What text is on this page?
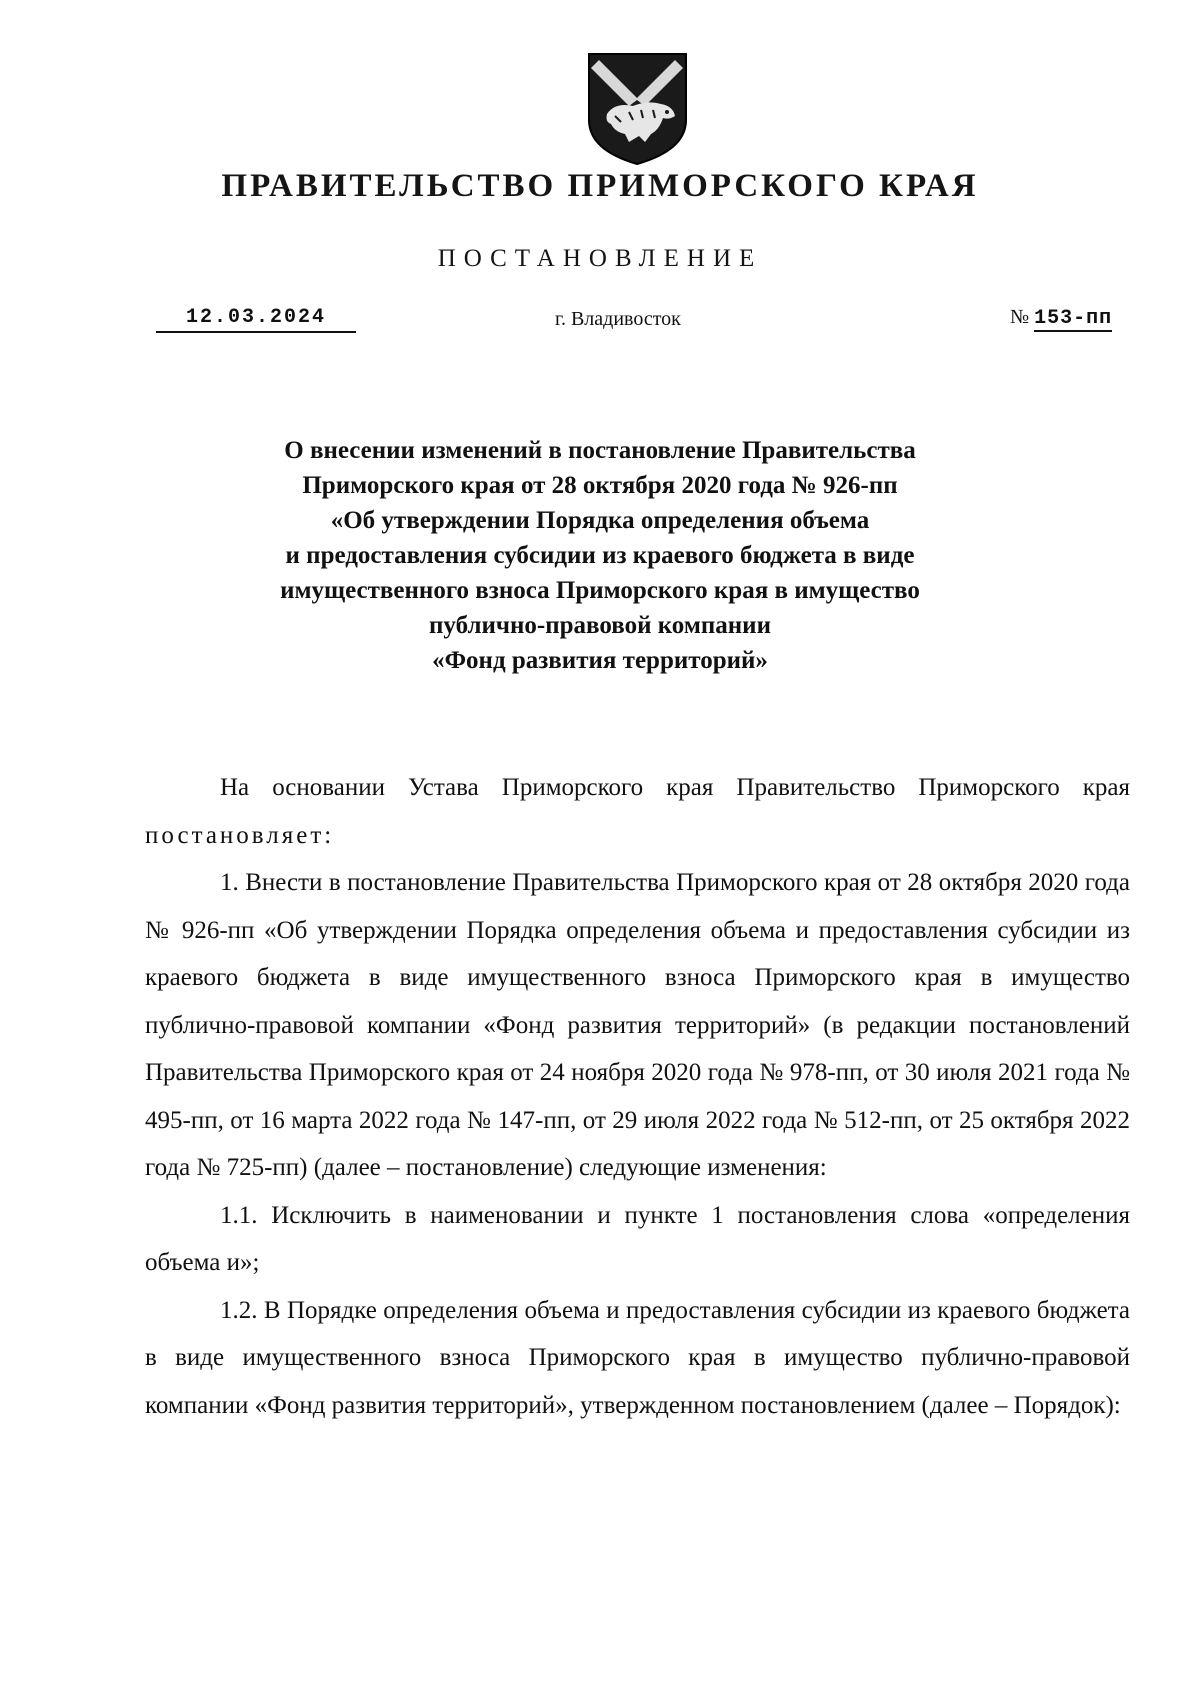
ПРАВИТЕЛЬСТВО ПРИМОРСКОГО КРАЯ
ПОСТАНОВЛЕНИЕ
12.03.2024	г. Владивосток	№ 153-пп
О внесении изменений в постановление Правительства
Приморского края от 28 октября 2020 года № 926-пп
«Об утверждении Порядка определения объема
и предоставления субсидии из краевого бюджета в виде
имущественного взноса Приморского края в имущество
публично-правовой компании
«Фонд развития территорий»

На основании Устава Приморского края Правительство Приморского края постановляет:

1. Внести в постановление Правительства Приморского края от 28 октября 2020 года № 926-пп «Об утверждении Порядка определения объема и предоставления субсидии из краевого бюджета в виде имущественного взноса Приморского края в имущество публично-правовой компании «Фонд развития территорий» (в редакции постановлений Правительства Приморского края от 24 ноября 2020 года № 978-пп, от 30 июля 2021 года № 495-пп, от 16 марта 2022 года № 147-пп, от 29 июля 2022 года № 512-пп, от 25 октября 2022 года № 725-пп) (далее – постановление) следующие изменения:

1.1. Исключить в наименовании и пункте 1 постановления слова «определения объема и»;

1.2. В Порядке определения объема и предоставления субсидии из краевого бюджета в виде имущественного взноса Приморского края в имущество публично-правовой компании «Фонд развития территорий», утвержденном постановлением (далее – Порядок):
